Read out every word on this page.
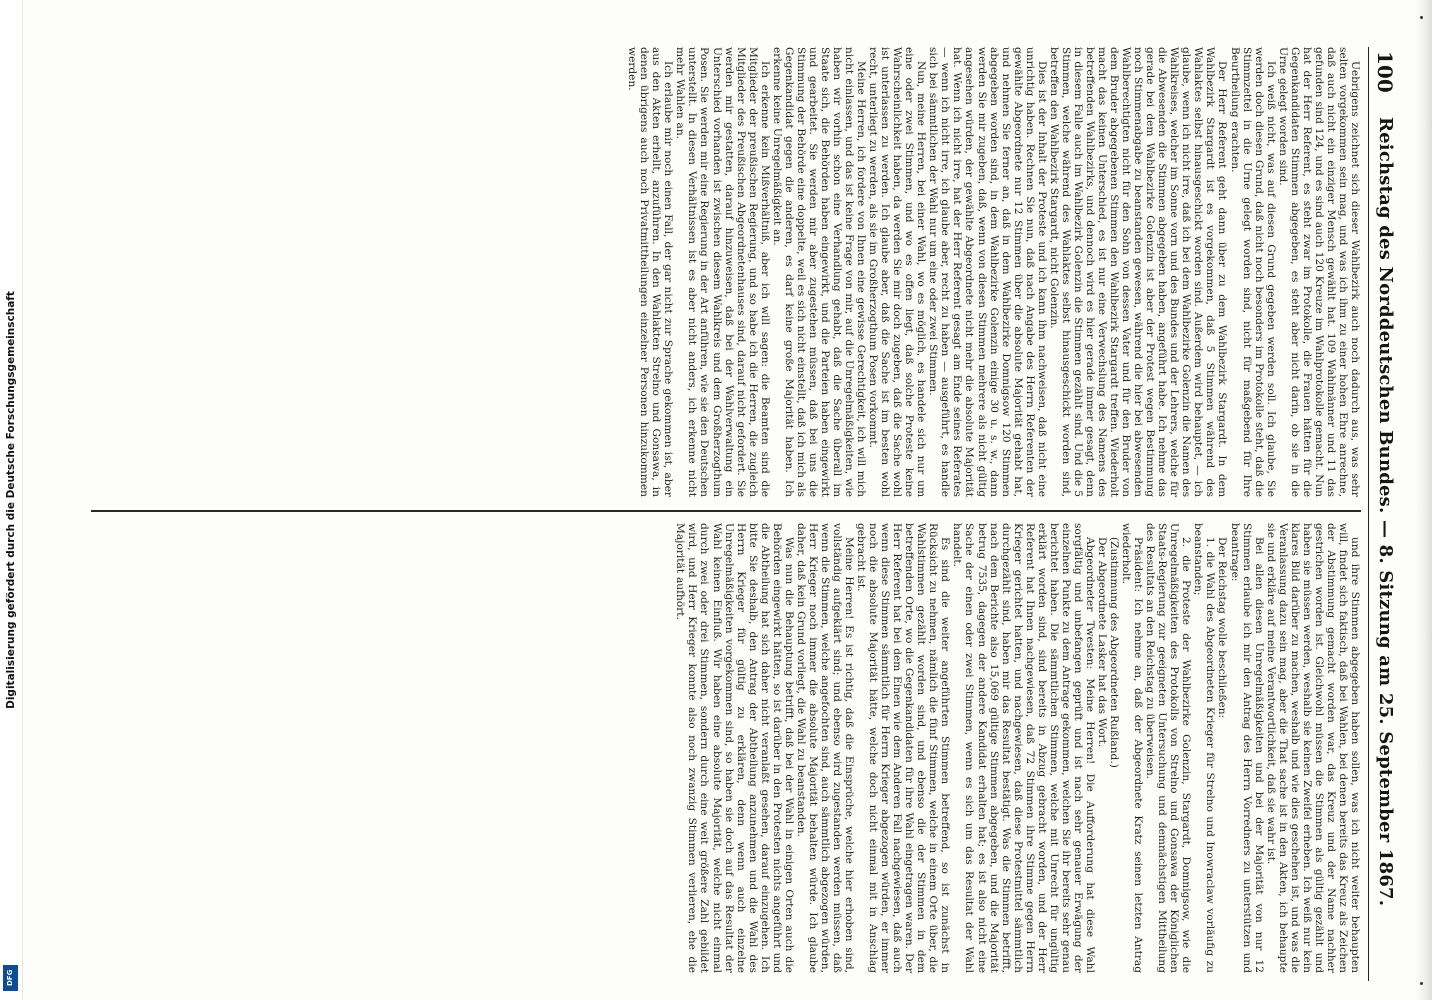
Digitalisierung gefördert durch die Deutsche Forschungsgemeinschaft
DFG
100
Reichstag des Norddeutschen Bundes. — 8. Sitzung am 25. September 1867.

Uebrigens zeichnet sich dieser Wahlbezirk auch noch dadurch aus, was sehr selten vorgekommen sein mag, und was ich ihm zu einer hohen Ehre anrechne, daß auch nicht ein einziger Mensch gewählt hat. 109 Wahlmänner und 11 das gefunden sind 124, und es sind auch 120 Kreuze im Wahlprotokolle gemacht. Nun hat der Herr Referent, es steht zwar im Protokolle, die Frauen hätten für die Gegenkandidaten Stimmen abgegeben, es steht aber nicht darin, ob sie in die Urne gelegt worden sind.

Ich weiß nicht, was auf diesen Grund gegeben werden soll. Ich glaube, Sie werden doch diesen Grund, daß nicht noch besonders im Protokolle steht, daß die Stimmzettel in die Urne gelegt worden sind, nicht für maßgebend für Ihre Beurtheilung erachten.

Der Herr Referent geht dann über zu dem Wahlbezirk Stargardt. In dem Wahlbezirk Stargardt ist es vorgekommen, daß 5 Stimmen während des Wahlaktes selbst hinausgeschickt worden sind. Außerdem wird behauptet, — ich glaube, wenn ich nicht irre, daß ich bei dem Wahlbezirke Golenzin die Namen des Wahlkreises, welcher im Sonne vorn und des Bundes und der Lehrers, welche für die Abwesenden die Stimmen abgegeben haben, angeführt habe. Ich nehme das gerade bei dem Wahlbezirke Golenzin ist aber der Protest wegen Bestimmung noch Stimmenabgabe zu beanstanden gewesen, während die hier bei abwesenden Wahlberechtigten nicht für den Sohn von dessen Vater und für den Bruder von dem Bruder abgegebenen Stimmen den Wahlbezirk Stargardt treffen. Wiederholt macht das keinen Unterschied, es ist nur eine Verwechslung des Namens des betreffenden Wahlbezirks, und dennoch wird es hier gerade immer gesagt, denn in diesem Falle auch im Wahlbezirk Golenzin die Stimmen gezählt sind. Und die 5 Stimmen, welche während des Wahlaktes selbst hinausgeschickt worden sind, betreffen den Wahlbezirk Stargardt, nicht Golenzin.

Dies ist der Inhalt der Proteste und ich kann ihm nachweisen, daß nicht eine unrichtig haben. Rechnen Sie nun, daß nach Angabe des Herrn Referenten der gewählte Abgeordnete nur 12 Stimmen über die absolute Majorität gehabt hat, und nehmen Sie ferner an, daß in dem Wahlbezirke Domnigsow 120 Stimmen abgegeben worden sind, in dem Wahlbezirke Golenzin einige 30 u. s. w., dann werden Sie mir zugeben, daß, wenn von diesen Stimmen mehrere als nicht gültig angesehen würden, der gewählte Abgeordnete nicht mehr die absolute Majorität hat. Wenn ich nicht irre, hat der Herr Referent gesagt am Ende seines Referates — wenn ich nicht irre, ich glaube aber, recht zu haben — ausgeführt, es handle sich bei sämmtlichen der Wahl nur um eine oder zwei Stimmen.

Nun, meine Herren, bei einer Wahl, wo es möglich, es handele sich nur um eine oder zwei Stimmen, und wo es offen liegt, daß solche Proteste keine Wahrscheinlichkeit haben, da werden Sie mir doch zugeben, daß die Sache wohl ist unterlassen zu werden. Ich glaube aber, daß die Sache ist im besten wohl recht, unterliegt zu werden, als sie im Großherzogthum Posen vorkommt.

Meine Herren, ich fordere von Ihnen eine gewisse Gerechtigkeit, ich will mich nicht einlassen, und das ist keine Frage von mir, auf die Unregelmäßigkeiten, wie haben wir vorhin schon eine Verhandlung gehabt, daß die Sache überall im Staate sich, die Behörden haben eingewirkt, und die Parteien haben eingewirkt und gearbeitet. Sie werden mir aber zugestehen müssen, daß bei uns die Stimmung der Behörde eine doppelte, weil es sich nicht einstellt, daß ich mich als Gegenkandidat gegen die anderen, es darf keine große Majorität haben. Ich erkenne keine Unregelmäßigkeit an.

Ich erkenne kein Mißverhältniß, aber ich will sagen: die Beamten sind die Mitglieder der preußischen Regierung, und so habe ich die Herren, die zugleich Mitglieder des Preußischen Abgeordnetenhauses sind, darauf nicht gefordert. Sie werden mir gestatten, darauf hinzuweisen, daß bei der Wahlverwaltung ein Unterschied vorhanden ist zwischen diesem Wahlkreis und dem Großherzogthum Posen. Sie werden mir eine Regierung in der Art anführen, wie sie den Deutschen unterstellt. In diesen Verhältnissen ist es aber nicht anders, ich erkenne nicht mehr Wahlen an.

Ich erlaube mir noch einen Fall, der gar nicht zur Sprache gekommen ist, aber aus den Akten erhellt, anzuführen. In den Wahlakten Strelno und Gonsawa, in denen übrigens auch noch Privatmittheilungen einzelner Personen hinzukommen werden.

und ihre Stimmen abgegeben haben sollen, was ich nicht weiter behaupten will, findet sich faktisch, daß bei Wahlen, bei denen bereits das Kreuz als Zeichen der Abstimmung gemacht worden war, das Kreuz und der Name nachher gestrichen worden ist. Gleichwohl müssen die Stimmen als gültig gezählt und haben sie müssen werden, weshalb sie keinen Zweifel erheben. Ich weiß nur kein klares Bild darüber zu machen, weshalb und wie dies geschehen ist, und was die Veranlassung dazu sein mag, aber die That sache ist in den Akten, ich behaupte sie und erkläre auf meine Verantwortlichkeit, daß sie wahr ist.

Bei allen diesen Unregelmäßigkeiten und bei der Majorität von nur 12 Stimmen erlaube ich mir den Antrag des Herrn Vorredners zu unterstützen und beantrage:

Der Reichstag wolle beschließen:

1. die Wahl des Abgeordneten Krieger für Strelno und Inowraclaw vorläufig zu beanstanden;

2. die Proteste der Wahlbezirke Golenzin, Stargardt, Domnigsow, wie die Unregelmäßigkeiten des Protokolls von Strelno und Gonsawa der Königlichen Staats-Regierung zur geeigneten Untersuchung und demnächstigen Mittheilung des Resultats an den Reichstag zu überweisen.

Präsident: Ich nehme an, daß der Abgeordnete Kratz seinen letzten Antrag wiederholt.

(Zustimmung des Abgeordneten Rußland.)

Der Abgeordnete Lasker hat das Wort.

Abgeordneter Twesten: Meine Herren! Die Aufforderung hat diese Wahl sorgfältig und unbefangen geprüft und ist nach sehr genauer Erwägung der einzelnen Punkte zu dem Antrage gekommen, welchen Sie ihr bereits sehr genau berichtet haben. Die sämmtlichen Stimmen, welche mit Unrecht für ungültig erklärt worden sind, sind bereits in Abzug gebracht worden, und der Herr Referent hat Ihnen nachgewiesen, daß 72 Stimmen ihre Stimme gegen Herrn Krieger gerichtet hatten, und nachgewiesen, daß diese Protestmittel sämmtlich durchgezählt sind, haben mir das Resultat bestätigt. Was die Stimmen betrifft, nach dem Berichte also 15,069 gültige Stimmen abgegeben, und die Majorität betrug 7535, dagegen der andere Kandidat erhalten hat; es ist also nicht eine Sache der einen oder zwei Stimmen, wenn es sich um das Resultat der Wahl handelt.

Es sind die weiter angeführten Stimmen betreffend, so ist zunächst in Rücksicht zu nehmen, nämlich die fünf Stimmen, welche in einem Orte über, die Wahlstimmen gezählt worden sind, und ebenso die der Stimmen in dem betreffenden Orte, wo die Gegenkandidaten für ihre Wahl eingetragen waren. Der Herr Referent hat bei dem Einen wie dem Anderen Fall nachgewiesen, daß auch wenn diese Stimmen sämmtlich für Herrn Krieger abgezogen würden, er immer noch die absolute Majorität hätte, welche doch nicht einmal mit in Anschlag gebracht ist.

Meine Herren! Es ist richtig, daß die Einsprüche, welche hier erhoben sind, vollständig aufgeklärt sind; und ebenso wird zugestanden werden müssen, daß wenn die Stimmen, welche angefochten sind, auch sämmtlich abgezogen würden, Herr Krieger noch immer die absolute Majorität behalten würde. Ich glaube daher, daß kein Grund vorliegt, die Wahl zu beanstanden.

Was nun die Behauptung betrifft, daß bei der Wahl in einigen Orten auch die Behörden eingewirkt hätten, so ist darüber in den Protesten nichts angeführt und die Abtheilung hat sich daher nicht veranlaßt gesehen, darauf einzugehen. Ich bitte Sie deshalb, den Antrag der Abtheilung anzunehmen und die Wahl des Herrn Krieger für gültig zu erklären, denn wenn auch einzelne Unregelmäßigkeiten vorgekommen sind, so haben sie doch auf das Resultat der Wahl keinen Einfluß. Wir haben eine absolute Majorität, welche nicht einmal durch zwei oder drei Stimmen, sondern durch eine weit größere Zahl gebildet wird, und Herr Krieger konnte also noch zwanzig Stimmen verlieren, ehe die Majorität aufhört.
